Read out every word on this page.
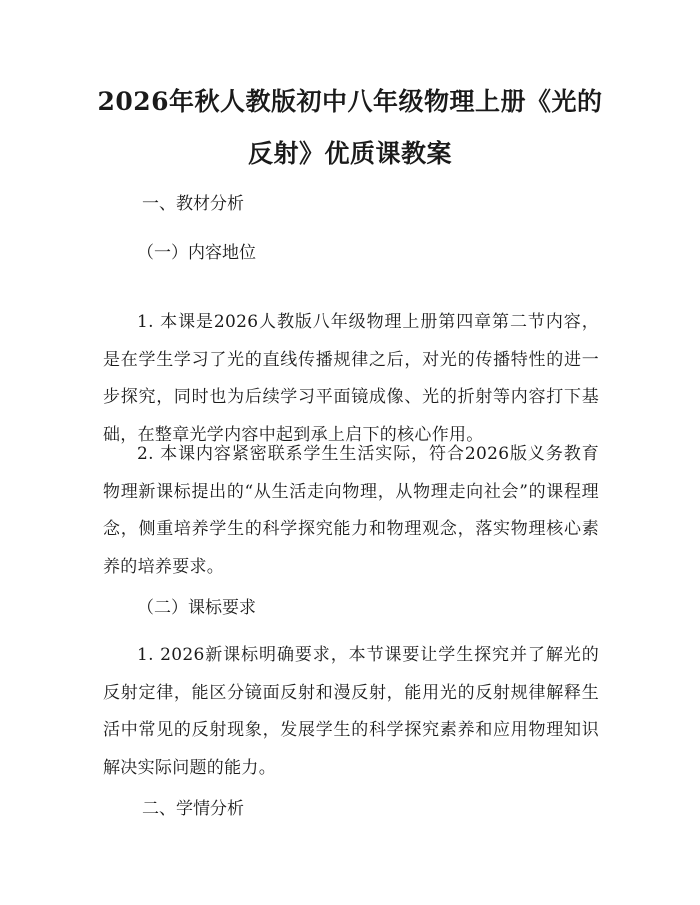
2026年秋人教版初中八年级物理上册《光的
反射》优质课教案

一、教材分析

（一）内容地位

1. 本课是2026人教版八年级物理上册第四章第二节内容，是在学生学习了光的直线传播规律之后，对光的传播特性的进一步探究，同时也为后续学习平面镜成像、光的折射等内容打下基础，在整章光学内容中起到承上启下的核心作用。

2. 本课内容紧密联系学生生活实际，符合2026版义务教育物理新课标提出的“从生活走向物理，从物理走向社会”的课程理念，侧重培养学生的科学探究能力和物理观念，落实物理核心素养的培养要求。

（二）课标要求

1. 2026新课标明确要求，本节课要让学生探究并了解光的反射定律，能区分镜面反射和漫反射，能用光的反射规律解释生活中常见的反射现象，发展学生的科学探究素养和应用物理知识解决实际问题的能力。

二、学情分析
